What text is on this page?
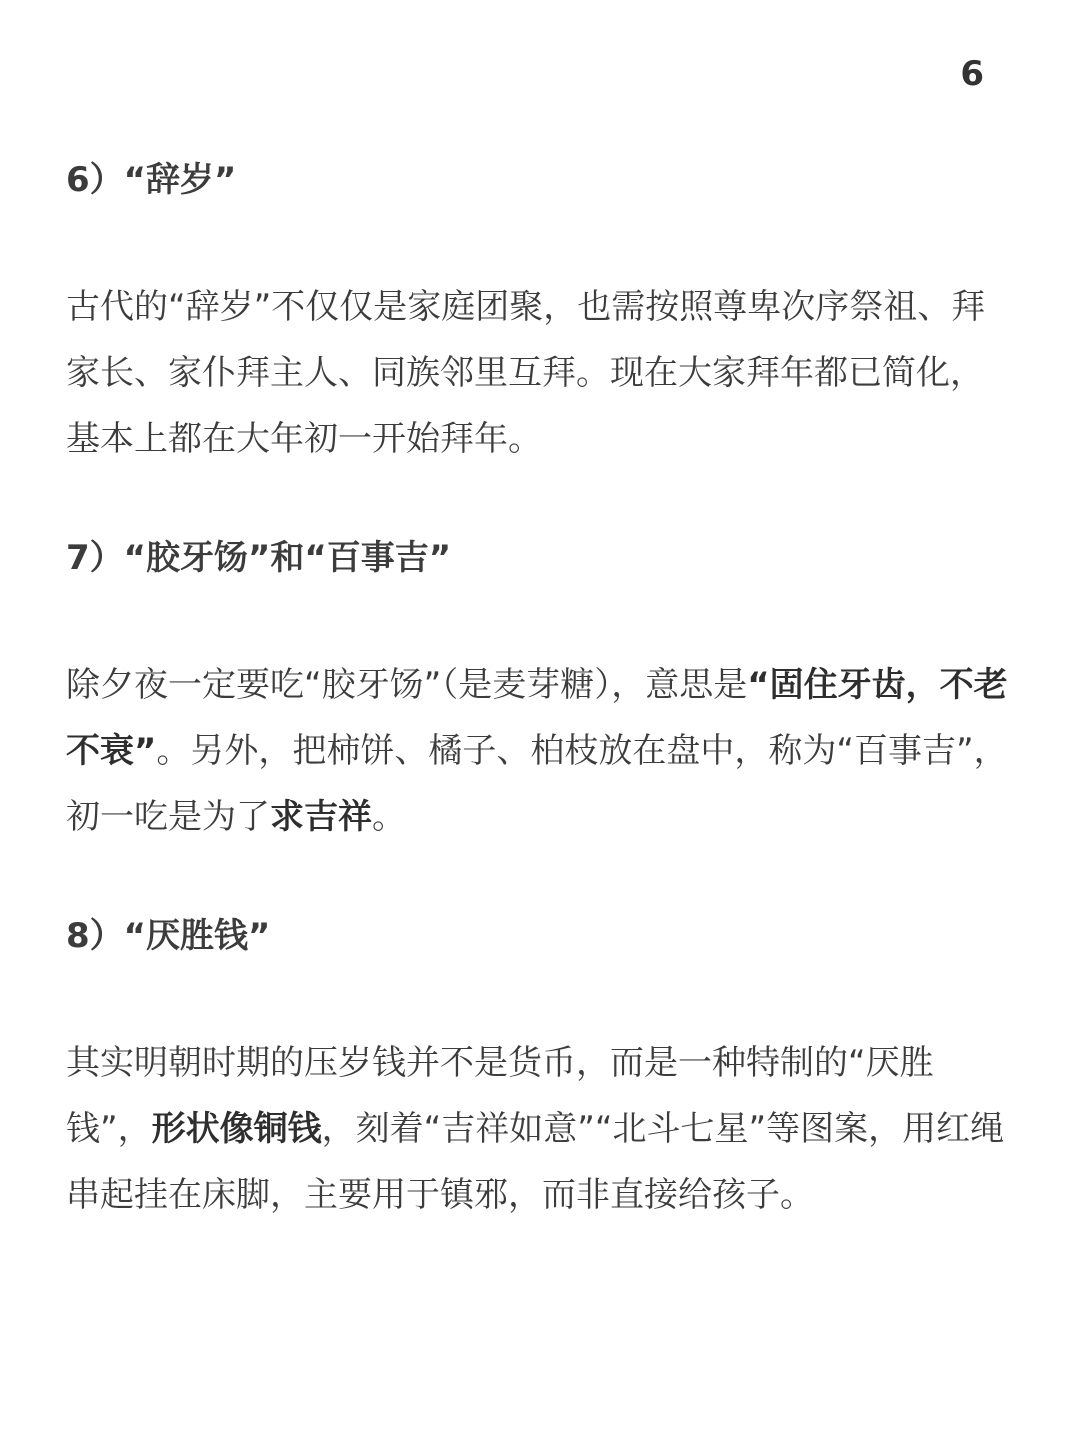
6

6）“辞岁”

古代的“辞岁”不仅仅是家庭团聚，也需按照尊卑次序祭祖、拜家长、家仆拜主人、同族邻里互拜。现在大家拜年都已简化，基本上都在大年初一开始拜年。

7）“胶牙饧”和“百事吉”

除夕夜一定要吃“胶牙饧”（是麦芽糖），意思是“固住牙齿，不老不衰”。另外，把柿饼、橘子、柏枝放在盘中，称为“百事吉”，初一吃是为了求吉祥。

8）“厌胜钱”

其实明朝时期的压岁钱并不是货币，而是一种特制的“厌胜钱”，形状像铜钱，刻着“吉祥如意”“北斗七星”等图案，用红绳串起挂在床脚，主要用于镇邪，而非直接给孩子。
